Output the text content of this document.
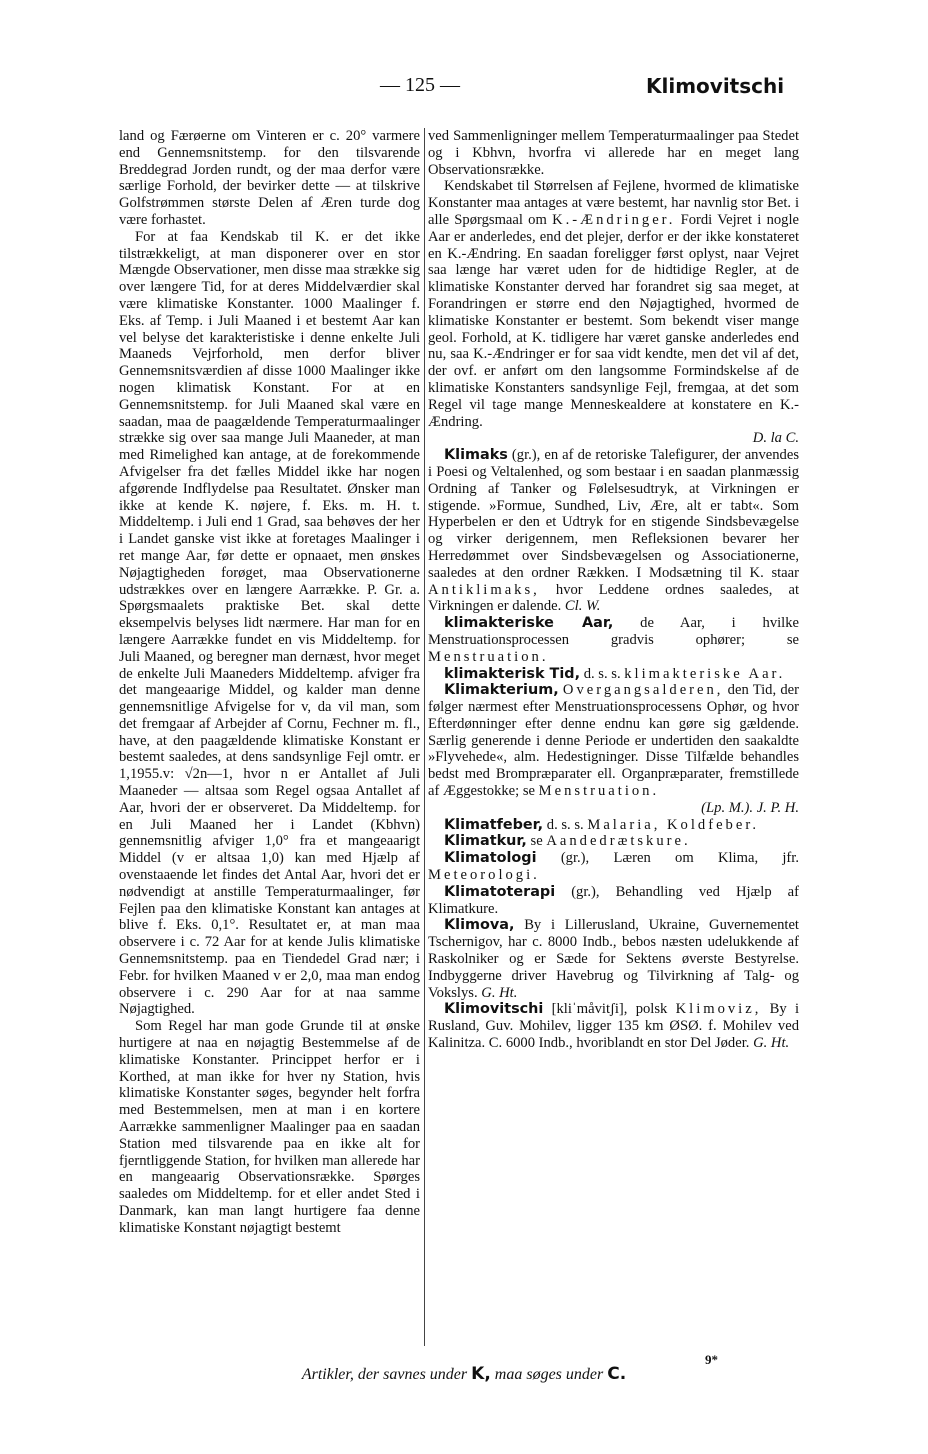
— 125 —	Klimovitschi

land og Færøerne om Vinteren er c. 20° varmere end Gennemsnitstemp. for den tilsvarende Breddegrad Jorden rundt, og der maa derfor være særlige Forhold, der bevirker dette — at tilskrive Golfstrømmen største Delen af Æren turde dog være forhastet.

For at faa Kendskab til K. er det ikke tilstrækkeligt, at man disponerer over en stor Mængde Observationer, men disse maa strække sig over længere Tid, for at deres Middelværdier skal være klimatiske Konstanter. 1000 Maalinger f. Eks. af Temp. i Juli Maaned i et bestemt Aar kan vel belyse det karakteristiske i denne enkelte Juli Maaneds Vejrforhold, men derfor bliver Gennemsnitsværdien af disse 1000 Maalinger ikke nogen klimatisk Konstant. For at en Gennemsnitstemp. for Juli Maaned skal være en saadan, maa de paagældende Temperaturmaalinger strække sig over saa mange Juli Maaneder, at man med Rimelighed kan antage, at de forekommende Afvigelser fra det fælles Middel ikke har nogen afgørende Indflydelse paa Resultatet. Ønsker man ikke at kende K. nøjere, f. Eks. m. H. t. Middeltemp. i Juli end 1 Grad, saa behøves der her i Landet ganske vist ikke at foretages Maalinger i ret mange Aar, før dette er opnaaet, men ønskes Nøjagtigheden forøget, maa Observationerne udstrækkes over en længere Aarrække. P. Gr. a. Spørgsmaalets praktiske Bet. skal dette eksempelvis belyses lidt nærmere. Har man for en længere Aarrække fundet en vis Middeltemp. for Juli Maaned, og beregner man dernæst, hvor meget de enkelte Juli Maaneders Middeltemp. afviger fra det mangeaarige Middel, og kalder man denne gennemsnitlige Afvigelse for v, da vil man, som det fremgaar af Arbejder af Cornu, Fechner m. fl., have, at den paagældende klimatiske Konstant er bestemt saaledes, at dens sandsynlige Fejl omtr. er 1,1955.v: √2n—1, hvor n er Antallet af Juli Maaneder — altsaa som Regel ogsaa Antallet af Aar, hvori der er observeret. Da Middeltemp. for en Juli Maaned her i Landet (Kbhvn) gennemsnitlig afviger 1,0° fra et mangeaarigt Middel (v er altsaa 1,0) kan med Hjælp af ovenstaaende let findes det Antal Aar, hvori det er nødvendigt at anstille Temperaturmaalinger, før Fejlen paa den klimatiske Konstant kan antages at blive f. Eks. 0,1°. Resultatet er, at man maa observere i c. 72 Aar for at kende Julis klimatiske Gennemsnitstemp. paa en Tiendedel Grad nær; i Febr. for hvilken Maaned v er 2,0, maa man endog observere i c. 290 Aar for at naa samme Nøjagtighed.

Som Regel har man gode Grunde til at ønske hurtigere at naa en nøjagtig Bestemmelse af de klimatiske Konstanter. Princippet herfor er i Korthed, at man ikke for hver ny Station, hvis klimatiske Konstanter søges, begynder helt forfra med Bestemmelsen, men at man i en kortere Aarrække sammenligner Maalinger paa en saadan Station med tilsvarende paa en ikke alt for fjerntliggende Station, for hvilken man allerede har en mangeaarig Observationsrække. Spørges saaledes om Middeltemp. for et eller andet Sted i Danmark, kan man langt hurtigere faa denne klimatiske Konstant nøjagtigt bestemt

ved Sammenligninger mellem Temperaturmaalinger paa Stedet og i Kbhvn, hvorfra vi allerede har en meget lang Observationsrække.

Kendskabet til Størrelsen af Fejlene, hvormed de klimatiske Konstanter maa antages at være bestemt, har navnlig stor Bet. i alle Spørgsmaal om K.-Ændringer. Fordi Vejret i nogle Aar er anderledes, end det plejer, derfor er der ikke konstateret en K.-Ændring. En saadan foreligger først oplyst, naar Vejret saa længe har været uden for de hidtidige Regler, at de klimatiske Konstanter derved har forandret sig saa meget, at Forandringen er større end den Nøjagtighed, hvormed de klimatiske Konstanter er bestemt. Som bekendt viser mange geol. Forhold, at K. tidligere har været ganske anderledes end nu, saa K.-Ændringer er for saa vidt kendte, men det vil af det, der ovf. er anført om den langsomme Formindskelse af de klimatiske Konstanters sandsynlige Fejl, fremgaa, at det som Regel vil tage mange Menneskealdere at konstatere en K.-Ændring.

D. la C.

Klimaks (gr.), en af de retoriske Talefigurer, der anvendes i Poesi og Veltalenhed, og som bestaar i en saadan planmæssig Ordning af Tanker og Følelsesudtryk, at Virkningen er stigende. »Formue, Sundhed, Liv, Ære, alt er tabt«. Som Hyperbelen er den et Udtryk for en stigende Sindsbevægelse og virker derigennem, men Refleksionen bevarer her Herredømmet over Sindsbevægelsen og Associationerne, saaledes at den ordner Rækken. I Modsætning til K. staar Antiklimaks, hvor Leddene ordnes saaledes, at Virkningen er dalende. Cl. W.

klimakteriske Aar, de Aar, i hvilke Menstruationsprocessen gradvis ophører; se Menstruation.

klimakterisk Tid, d. s. s. klimakteriske Aar.

Klimakterium, Overgangsalderen, den Tid, der følger nærmest efter Menstruationsprocessens Ophør, og hvor Efterdønninger efter denne endnu kan gøre sig gældende. Særlig generende i denne Periode er undertiden den saakaldte »Flyvehede«, alm. Hedestigninger. Disse Tilfælde behandles bedst med Brompræparater ell. Organpræparater, fremstillede af Æggestokke; se Menstruation.

(Lp. M.). J. P. H.

Klimatfeber, d. s. s. Malaria, Koldfeber.

Klimatkur, se Aandedrætskure.

Klimatologi (gr.), Læren om Klima, jfr. Meteorologi.

Klimatoterapi (gr.), Behandling ved Hjælp af Klimatkure.

Klimova, By i Lillerusland, Ukraine, Guvernementet Tschernigov, har c. 8000 Indb., bebos næsten udelukkende af Raskolniker og er Sæde for Sektens øverste Bestyrelse. Indbyggerne driver Havebrug og Tilvirkning af Talg- og Vokslys. G. Ht.

Klimovitschi [kliˈmåvitʃi], polsk Klimoviz, By i Rusland, Guv. Mohilev, ligger 135 km ØSØ. f. Mohilev ved Kalinitza. C. 6000 Indb., hvoriblandt en stor Del Jøder. G. Ht.

9*
Artikler, der savnes under K, maa søges under C.
